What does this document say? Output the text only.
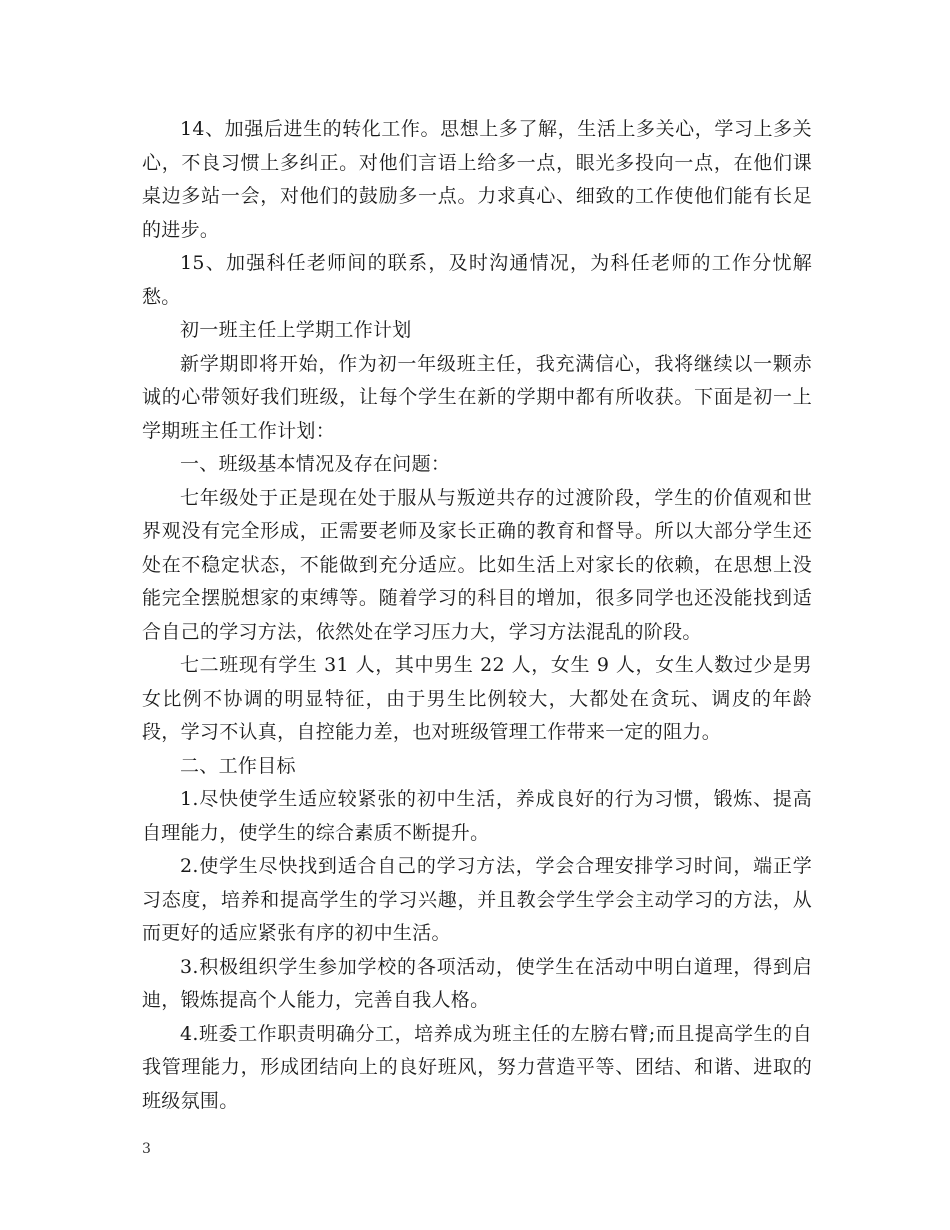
14、加强后进生的转化工作。思想上多了解，生活上多关心，学习上多关心，不良习惯上多纠正。对他们言语上给多一点，眼光多投向一点，在他们课桌边多站一会，对他们的鼓励多一点。力求真心、细致的工作使他们能有长足的进步。

15、加强科任老师间的联系，及时沟通情况，为科任老师的工作分忧解愁。

初一班主任上学期工作计划

新学期即将开始，作为初一年级班主任，我充满信心，我将继续以一颗赤诚的心带领好我们班级，让每个学生在新的学期中都有所收获。下面是初一上学期班主任工作计划：

一、班级基本情况及存在问题：

七年级处于正是现在处于服从与叛逆共存的过渡阶段，学生的价值观和世界观没有完全形成，正需要老师及家长正确的教育和督导。所以大部分学生还处在不稳定状态，不能做到充分适应。比如生活上对家长的依赖，在思想上没能完全摆脱想家的束缚等。随着学习的科目的增加，很多同学也还没能找到适合自己的学习方法，依然处在学习压力大，学习方法混乱的阶段。

七二班现有学生 31 人，其中男生 22 人，女生 9 人，女生人数过少是男女比例不协调的明显特征，由于男生比例较大，大都处在贪玩、调皮的年龄段，学习不认真，自控能力差，也对班级管理工作带来一定的阻力。

二、工作目标

1.尽快使学生适应较紧张的初中生活，养成良好的行为习惯，锻炼、提高自理能力，使学生的综合素质不断提升。

2.使学生尽快找到适合自己的学习方法，学会合理安排学习时间，端正学习态度，培养和提高学生的学习兴趣，并且教会学生学会主动学习的方法，从而更好的适应紧张有序的初中生活。

3.积极组织学生参加学校的各项活动，使学生在活动中明白道理，得到启迪，锻炼提高个人能力，完善自我人格。

4.班委工作职责明确分工，培养成为班主任的左膀右臂;而且提高学生的自我管理能力，形成团结向上的良好班风，努力营造平等、团结、和谐、进取的班级氛围。

3
